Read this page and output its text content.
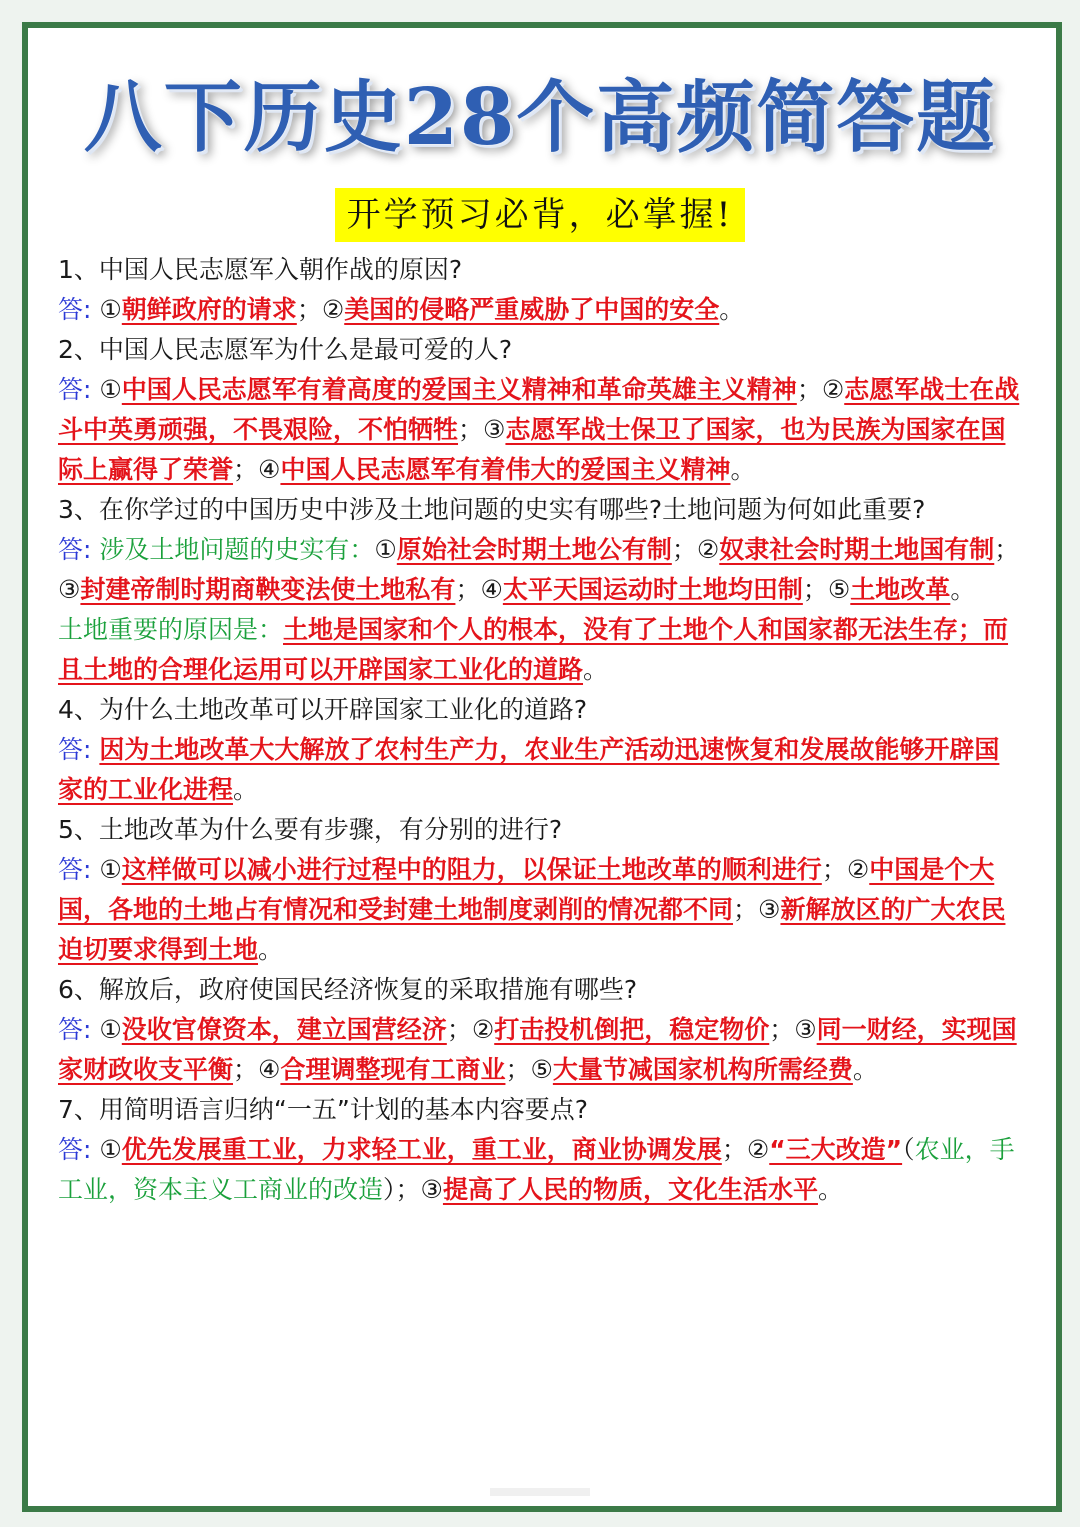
八下历史28个高频简答题
开学预习必背，必掌握!

1、中国人民志愿军入朝作战的原因?

答: ①朝鲜政府的请求；②美国的侵略严重威胁了中国的安全。

2、中国人民志愿军为什么是最可爱的人?

答: ①中国人民志愿军有着高度的爱国主义精神和革命英雄主义精神；②志愿军战士在战斗中英勇顽强，不畏艰险，不怕牺牲；③志愿军战士保卫了国家，也为民族为国家在国际上赢得了荣誉；④中国人民志愿军有着伟大的爱国主义精神。

3、在你学过的中国历史中涉及土地问题的史实有哪些?土地问题为何如此重要?

答: 涉及土地问题的史实有：①原始社会时期土地公有制；②奴隶社会时期土地国有制；③封建帝制时期商鞅变法使土地私有；④太平天国运动时土地均田制；⑤土地改革。

土地重要的原因是：土地是国家和个人的根本，没有了土地个人和国家都无法生存；而且土地的合理化运用可以开辟国家工业化的道路。

4、为什么土地改革可以开辟国家工业化的道路?

答: 因为土地改革大大解放了农村生产力，农业生产活动迅速恢复和发展故能够开辟国家的工业化进程。

5、土地改革为什么要有步骤，有分别的进行?

答: ①这样做可以减小进行过程中的阻力，以保证土地改革的顺利进行；②中国是个大国，各地的土地占有情况和受封建土地制度剥削的情况都不同；③新解放区的广大农民迫切要求得到土地。

6、解放后，政府使国民经济恢复的采取措施有哪些?

答: ①没收官僚资本，建立国营经济；②打击投机倒把，稳定物价；③同一财经，实现国家财政收支平衡；④合理调整现有工商业；⑤大量节减国家机构所需经费。

7、用简明语言归纳“一五”计划的基本内容要点?

答: ①优先发展重工业，力求轻工业，重工业，商业协调发展；②“三大改造”（农业，手工业，资本主义工商业的改造）；③提高了人民的物质，文化生活水平。
